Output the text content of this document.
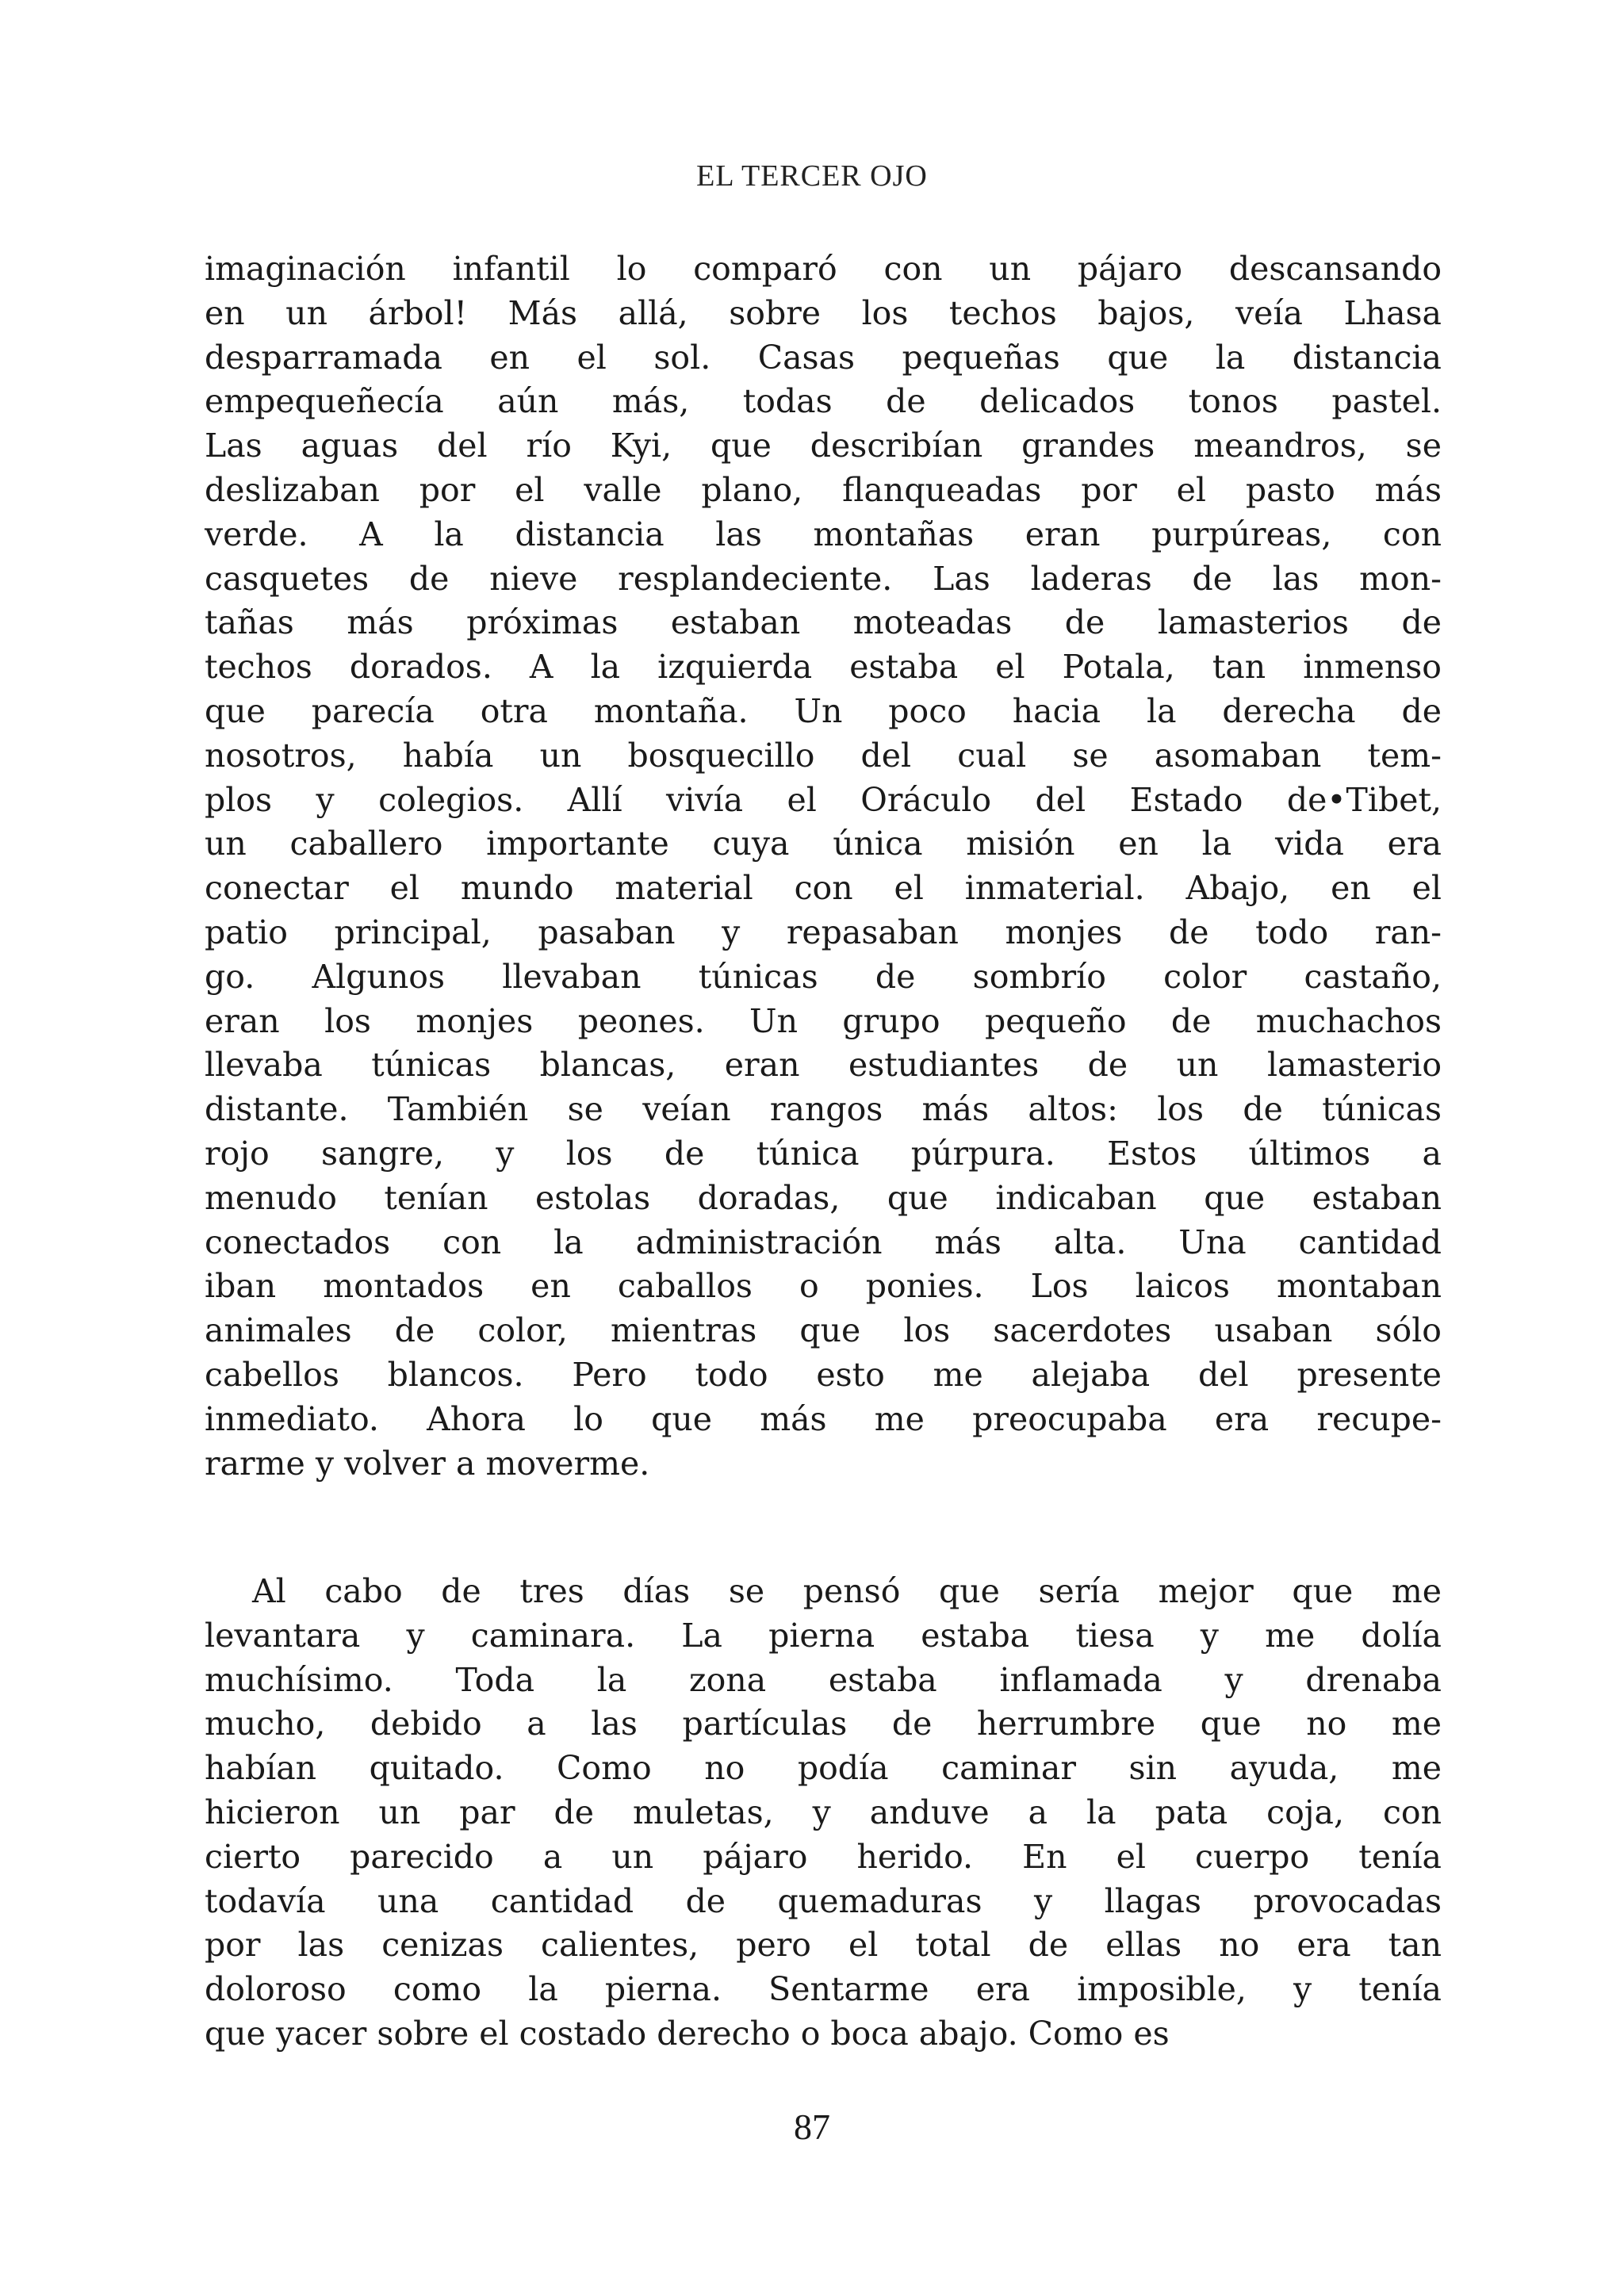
EL TERCER OJO
imaginación infantil lo comparó con un pájaro descansando
en un árbol! Más allá, sobre los techos bajos, veía Lhasa
desparramada en el sol. Casas pequeñas que la distancia
empequeñecía aún más, todas de delicados tonos pastel.
Las aguas del río Kyi, que describían grandes meandros, se
deslizaban por el valle plano, flanqueadas por el pasto más
verde. A la distancia las montañas eran purpúreas, con
casquetes de nieve resplandeciente. Las laderas de las mon-
tañas más próximas estaban moteadas de lamasterios de
techos dorados. A la izquierda estaba el Potala, tan inmenso
que parecía otra montaña. Un poco hacia la derecha de
nosotros, había un bosquecillo del cual se asomaban tem-
plos y colegios. Allí vivía el Oráculo del Estado de•Tibet,
un caballero importante cuya única misión en la vida era
conectar el mundo material con el inmaterial. Abajo, en el
patio principal, pasaban y repasaban monjes de todo ran-
go. Algunos llevaban túnicas de sombrío color castaño,
eran los monjes peones. Un grupo pequeño de muchachos
llevaba túnicas blancas, eran estudiantes de un lamasterio
distante. También se veían rangos más altos: los de túnicas
rojo sangre, y los de túnica púrpura. Estos últimos a
menudo tenían estolas doradas, que indicaban que estaban
conectados con la administración más alta. Una cantidad
iban montados en caballos o ponies. Los laicos montaban
animales de color, mientras que los sacerdotes usaban sólo
cabellos blancos. Pero todo esto me alejaba del presente
inmediato. Ahora lo que más me preocupaba era recupe-
rarme y volver a moverme.
Al cabo de tres días se pensó que sería mejor que me
levantara y caminara. La pierna estaba tiesa y me dolía
muchísimo. Toda la zona estaba inflamada y drenaba
mucho, debido a las partículas de herrumbre que no me
habían quitado. Como no podía caminar sin ayuda, me
hicieron un par de muletas, y anduve a la pata coja, con
cierto parecido a un pájaro herido. En el cuerpo tenía
todavía una cantidad de quemaduras y llagas provocadas
por las cenizas calientes, pero el total de ellas no era tan
doloroso como la pierna. Sentarme era imposible, y tenía
que yacer sobre el costado derecho o boca abajo. Como es
87
